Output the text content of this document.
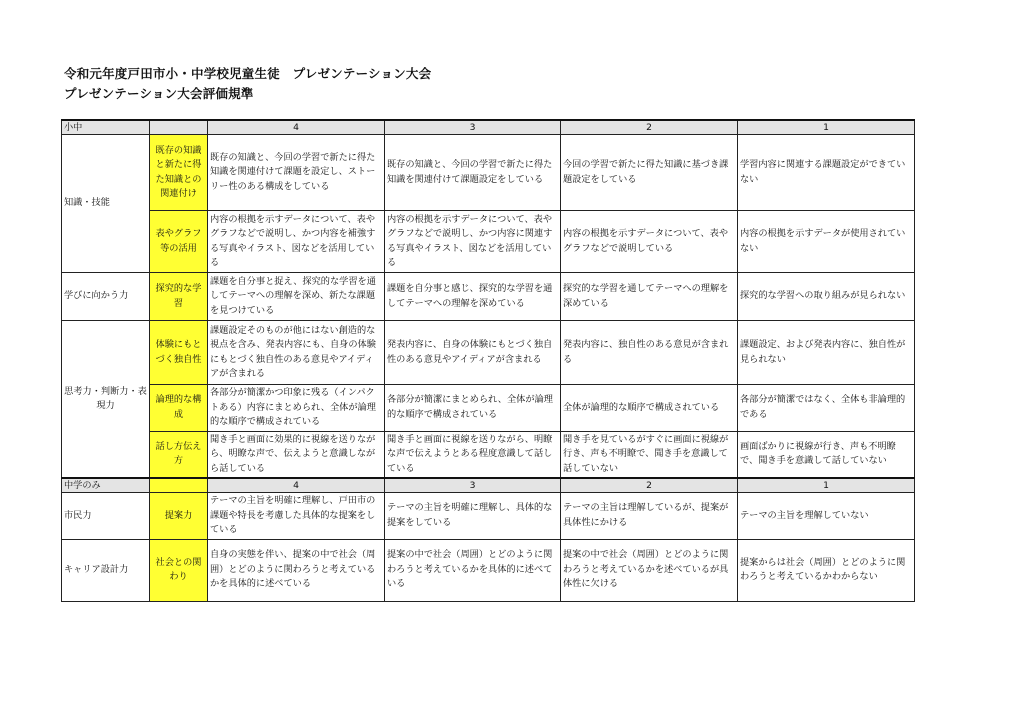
令和元年度戸田市小・中学校児童生徒　プレゼンテーション大会
プレゼンテーション大会評価規準
小中		4	3	2	1
知識・技能	既存の知識と新たに得た知識との関連付け	既存の知識と、今回の学習で新たに得た知識を関連付けて課題を設定し、ストーリー性のある構成をしている	既存の知識と、今回の学習で新たに得た知識を関連付けて課題設定をしている	今回の学習で新たに得た知識に基づき課題設定をしている	学習内容に関連する課題設定ができていない
	表やグラフ等の活用	内容の根拠を示すデータについて、表やグラフなどで説明し、かつ内容を補強する写真やイラスト、図などを活用している	内容の根拠を示すデータについて、表やグラフなどで説明し、かつ内容に関連する写真やイラスト、図などを活用している	内容の根拠を示すデータについて、表やグラフなどで説明している	内容の根拠を示すデータが使用されていない
学びに向かう力	探究的な学習	課題を自分事と捉え、探究的な学習を通してテーマへの理解を深め、新たな課題を見つけている	課題を自分事と感じ、探究的な学習を通してテーマへの理解を深めている	探究的な学習を通してテーマへの理解を深めている	探究的な学習への取り組みが見られない
思考力・判断力・表現力	体験にもとづく独自性	課題設定そのものが他にはない創造的な視点を含み、発表内容にも、自身の体験にもとづく独自性のある意見やアイディアが含まれる	発表内容に、自身の体験にもとづく独自性のある意見やアイディアが含まれる	発表内容に、独自性のある意見が含まれる	課題設定、および発表内容に、独自性が見られない
	論理的な構成	各部分が簡潔かつ印象に残る（インパクトある）内容にまとめられ、全体が論理的な順序で構成されている	各部分が簡潔にまとめられ、全体が論理的な順序で構成されている	全体が論理的な順序で構成されている	各部分が簡潔ではなく、全体も非論理的である
	話し方伝え方	聞き手と画面に効果的に視線を送りながら、明瞭な声で、伝えようと意識しながら話している	聞き手と画面に視線を送りながら、明瞭な声で伝えようとある程度意識して話している	聞き手を見ているがすぐに画面に視線が行き、声も不明瞭で、聞き手を意識して話していない	画面ばかりに視線が行き、声も不明瞭で、聞き手を意識して話していない
中学のみ		4	3	2	1
市民力	提案力	テーマの主旨を明確に理解し、戸田市の課題や特長を考慮した具体的な提案をしている	テーマの主旨を明確に理解し、具体的な提案をしている	テーマの主旨は理解しているが、提案が具体性にかける	テーマの主旨を理解していない
キャリア設計力	社会との関わり	自身の実態を伴い、提案の中で社会（周囲）とどのように関わろうと考えているかを具体的に述べている	提案の中で社会（周囲）とどのように関わろうと考えているかを具体的に述べている	提案の中で社会（周囲）とどのように関わろうと考えているかを述べているが具体性に欠ける	提案からは社会（周囲）とどのように関わろうと考えているかわからない
